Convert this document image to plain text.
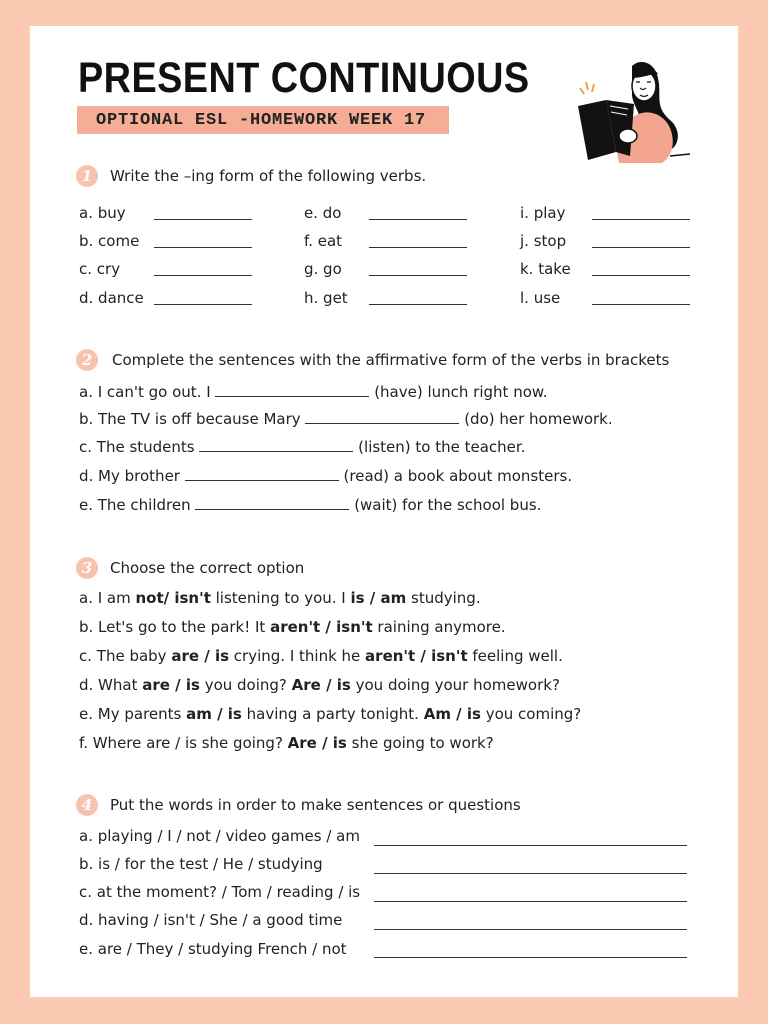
PRESENT CONTINUOUS
OPTIONAL ESL -HOMEWORK WEEK 17
1	Write the –ing form of the following verbs.
a. buy
b. come
c. cry
d. dance
e. do
f. eat
g. go
h. get
i. play
j. stop
k. take
l. use
2	Complete the sentences with the affirmative form of the verbs in brackets
a. I can't go out. I	(have) lunch right now.
b. The TV is off because Mary	(do) her homework.
c. The students	(listen) to the teacher.
d. My brother	(read) a book about monsters.
e. The children	(wait) for the school bus.
3	Choose the correct option
a. I am not/ isn't listening to you. I is / am studying.
b. Let's go to the park! It aren't / isn't raining anymore.
c. The baby are / is crying. I think he aren't / isn't feeling well.
d. What are / is you doing? Are / is you doing your homework?
e. My parents am / is having a party tonight. Am / is you coming?
f. Where are / is she going? Are / is she going to work?
4	Put the words in order to make sentences or questions
a. playing / I / not / video games / am
b. is / for the test / He / studying
c. at the moment? / Tom / reading / is
d. having / isn't / She / a good time
e. are / They / studying French / not
